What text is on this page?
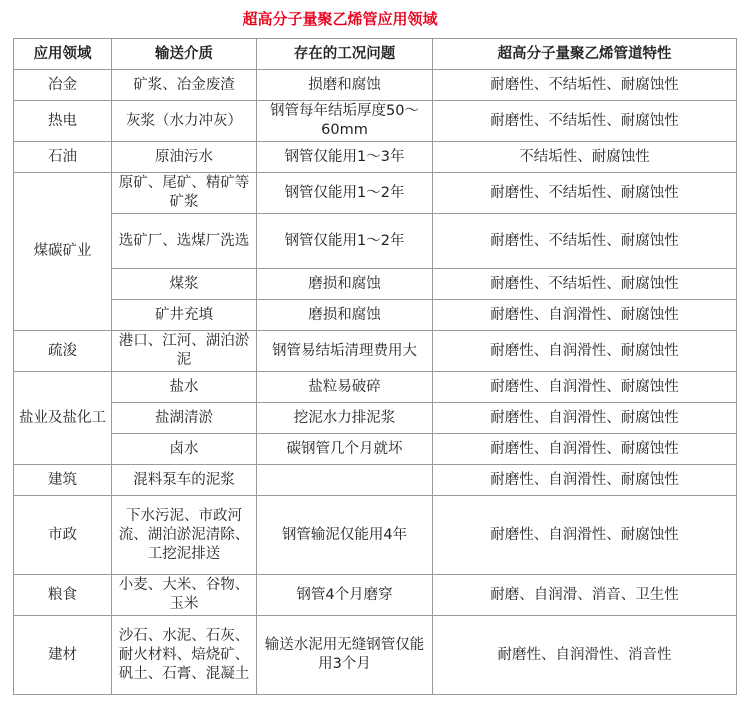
超高分子量聚乙烯管应用领域
应用领域	输送介质	存在的工况问题	超高分子量聚乙烯管道特性
冶金	矿浆、冶金废渣	损磨和腐蚀	耐磨性、不结垢性、耐腐蚀性
热电	灰浆（水力冲灰）	钢管每年结垢厚度50～60mm	耐磨性、不结垢性、耐腐蚀性
石油	原油污水	钢管仅能用1～3年	不结垢性、耐腐蚀性
煤碳矿业	原矿、尾矿、精矿等矿浆	钢管仅能用1～2年	耐磨性、不结垢性、耐腐蚀性
	选矿厂、选煤厂洗选	钢管仅能用1～2年	耐磨性、不结垢性、耐腐蚀性
	煤浆	磨损和腐蚀	耐磨性、不结垢性、耐腐蚀性
	矿井充填	磨损和腐蚀	耐磨性、自润滑性、耐腐蚀性
疏浚	港口、江河、湖泊淤泥	钢管易结垢清理费用大	耐磨性、自润滑性、耐腐蚀性
盐业及盐化工	盐水	盐粒易破碎	耐磨性、自润滑性、耐腐蚀性
	盐湖清淤	挖泥水力排泥浆	耐磨性、自润滑性、耐腐蚀性
	卤水	碳钢管几个月就坏	耐磨性、自润滑性、耐腐蚀性
建筑	混料泵车的泥浆		耐磨性、自润滑性、耐腐蚀性
市政	下水污泥、市政河流、湖泊淤泥清除、工挖泥排送	钢管输泥仅能用4年	耐磨性、自润滑性、耐腐蚀性
粮食	小麦、大米、谷物、玉米	钢管4个月磨穿	耐磨、自润滑、消音、卫生性
建材	沙石、水泥、石灰、耐火材料、焙烧矿、矾土、石膏、混凝土	输送水泥用无缝钢管仅能用3个月	耐磨性、自润滑性、消音性
